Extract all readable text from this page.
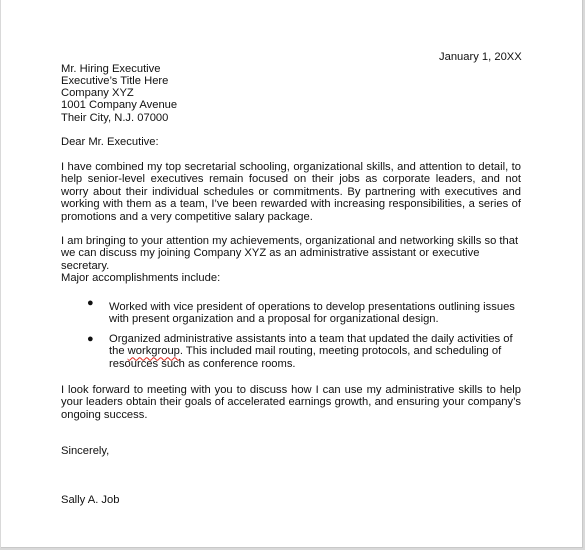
January 1, 20XX
Mr. Hiring Executive
Executive’s Title Here
Company XYZ
1001 Company Avenue
Their City, N.J. 07000
Dear Mr. Executive:
I have combined my top secretarial schooling, organizational skills, and attention to detail, to help senior-level executives remain focused on their jobs as corporate leaders, and not worry about their individual schedules or commitments. By partnering with executives and working with them as a team, I’ve been rewarded with increasing responsibilities, a series of promotions and a very competitive salary package.
I am bringing to your attention my achievements, organizational and networking skills so that we can discuss my joining Company XYZ as an administrative assistant or executive secretary.
Major accomplishments include:
● Worked with vice president of operations to develop presentations outlining issues with present organization and a proposal for organizational design.
● Organized administrative assistants into a team that updated the daily activities of the workgroup. This included mail routing, meeting protocols, and scheduling of resources such as conference rooms.
I look forward to meeting with you to discuss how I can use my administrative skills to help your leaders obtain their goals of accelerated earnings growth, and ensuring your company’s ongoing success.
Sincerely,
Sally A. Job
